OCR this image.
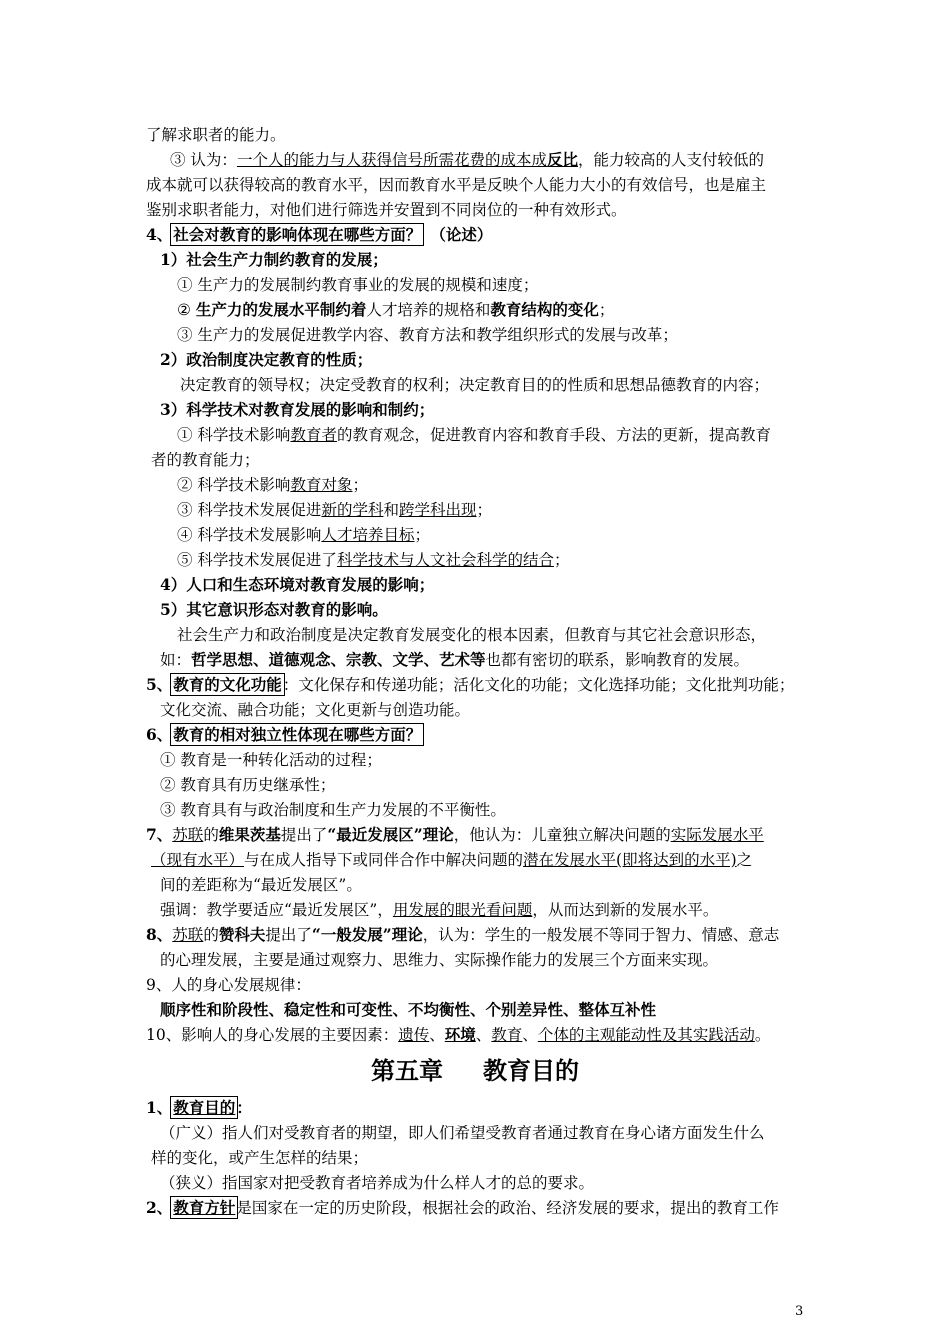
了解求职者的能力。
③ 认为：一个人的能力与人获得信号所需花费的成本成反比，能力较高的人支付较低的
成本就可以获得较高的教育水平，因而教育水平是反映个人能力大小的有效信号，也是雇主
鉴别求职者能力，对他们进行筛选并安置到不同岗位的一种有效形式。
4、社会对教育的影响体现在哪些方面？ （论述）
1）社会生产力制约教育的发展；
① 生产力的发展制约教育事业的发展的规模和速度；
② 生产力的发展水平制约着人才培养的规格和教育结构的变化；
③ 生产力的发展促进教学内容、教育方法和教学组织形式的发展与改革；
2）政治制度决定教育的性质；
决定教育的领导权；决定受教育的权利；决定教育目的的性质和思想品德教育的内容；
3）科学技术对教育发展的影响和制约；
① 科学技术影响教育者的教育观念，促进教育内容和教育手段、方法的更新，提高教育
者的教育能力；
② 科学技术影响教育对象；
③ 科学技术发展促进新的学科和跨学科出现；
④ 科学技术发展影响人才培养目标；
⑤ 科学技术发展促进了科学技术与人文社会科学的结合；
4）人口和生态环境对教育发展的影响；
5）其它意识形态对教育的影响。
社会生产力和政治制度是决定教育发展变化的根本因素，但教育与其它社会意识形态，
如：哲学思想、道德观念、宗教、文学、艺术等也都有密切的联系，影响教育的发展。
5、教育的文化功能：文化保存和传递功能；活化文化的功能；文化选择功能；文化批判功能；
文化交流、融合功能；文化更新与创造功能。
6、教育的相对独立性体现在哪些方面？
① 教育是一种转化活动的过程；
② 教育具有历史继承性；
③ 教育具有与政治制度和生产力发展的不平衡性。
7、苏联的维果茨基提出了“最近发展区”理论，他认为：儿童独立解决问题的实际发展水平
（现有水平）与在成人指导下或同伴合作中解决问题的潜在发展水平(即将达到的水平)之
间的差距称为“最近发展区”。
强调：教学要适应“最近发展区”，用发展的眼光看问题，从而达到新的发展水平。
8、苏联的赞科夫提出了“一般发展”理论，认为：学生的一般发展不等同于智力、情感、意志
的心理发展，主要是通过观察力、思维力、实际操作能力的发展三个方面来实现。
9、人的身心发展规律：
顺序性和阶段性、稳定性和可变性、不均衡性、个别差异性、整体互补性
10、影响人的身心发展的主要因素：遗传、环境、教育、个体的主观能动性及其实践活动。
第五章 教育目的
1、教育目的：
（广义）指人们对受教育者的期望，即人们希望受教育者通过教育在身心诸方面发生什么
样的变化，或产生怎样的结果；
（狭义）指国家对把受教育者培养成为什么样人才的总的要求。
2、教育方针是国家在一定的历史阶段，根据社会的政治、经济发展的要求，提出的教育工作
3
